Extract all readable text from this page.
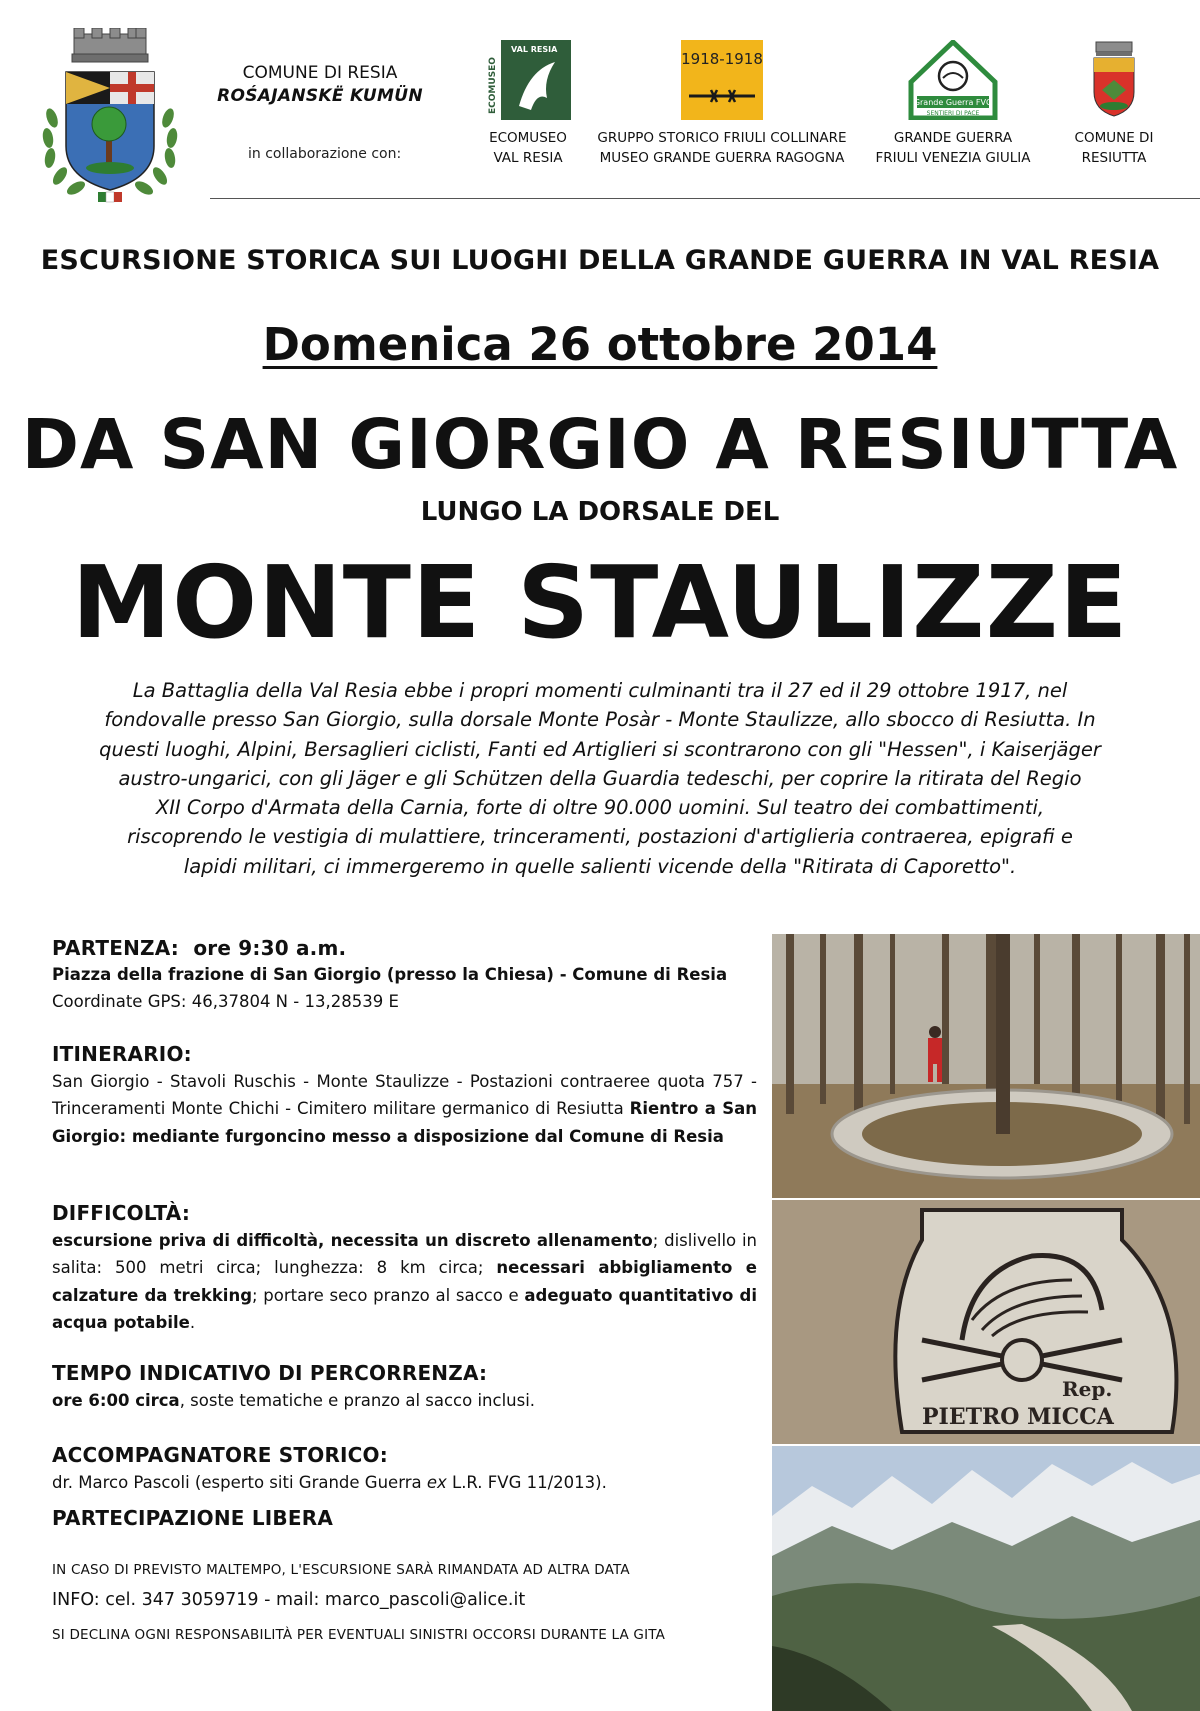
COMUNE DI RESIA
ROŚAJANSKË KUMÜN
in collaborazione con:
ECOMUSEO
VAL RESIA
ECOMUSEO
VAL RESIA
1918-1918
GRUPPO STORICO FRIULI COLLINARE
MUSEO GRANDE GUERRA RAGOGNA
Grande Guerra FVG
SENTIERI DI PACE
GRANDE GUERRA
FRIULI VENEZIA GIULIA
COMUNE DI
RESIUTTA
ESCURSIONE STORICA SUI LUOGHI DELLA GRANDE GUERRA IN VAL RESIA
Domenica 26 ottobre 2014
DA SAN GIORGIO A RESIUTTA
LUNGO LA DORSALE DEL
MONTE STAULIZZE
La Battaglia della Val Resia ebbe i propri momenti culminanti tra il 27 ed il 29 ottobre 1917, nel
fondovalle presso San Giorgio, sulla dorsale Monte Posàr - Monte Staulizze, allo sbocco di Resiutta. In
questi luoghi, Alpini, Bersaglieri ciclisti, Fanti ed Artiglieri si scontrarono con gli "Hessen", i Kaiserjäger
austro-ungarici, con gli Jäger e gli Schützen della Guardia tedeschi, per coprire la ritirata del Regio
XII Corpo d'Armata della Carnia, forte di oltre 90.000 uomini. Sul teatro dei combattimenti,
riscoprendo le vestigia di mulattiere, trinceramenti, postazioni d'artiglieria contraerea, epigrafi e
lapidi militari, ci immergeremo in quelle salienti vicende della "Ritirata di Caporetto".
PARTENZA: ore 9:30 a.m.
Piazza della frazione di San Giorgio (presso la Chiesa) - Comune di Resia
Coordinate GPS: 46,37804 N - 13,28539 E
ITINERARIO:
San Giorgio - Stavoli Ruschis - Monte Staulizze - Postazioni contraeree quota 757 - Trinceramenti Monte Chichi - Cimitero militare germanico di Resiutta Rientro a San Giorgio: mediante furgoncino messo a disposizione dal Comune di Resia
DIFFICOLTÀ:
escursione priva di difficoltà, necessita un discreto allenamento; dislivello in salita: 500 metri circa; lunghezza: 8 km circa; necessari abbigliamento e calzature da trekking; portare seco pranzo al sacco e adeguato quantitativo di acqua potabile.
TEMPO INDICATIVO DI PERCORRENZA:
ore 6:00 circa, soste tematiche e pranzo al sacco inclusi.
ACCOMPAGNATORE STORICO:
dr. Marco Pascoli (esperto siti Grande Guerra ex L.R. FVG 11/2013).
PARTECIPAZIONE LIBERA
IN CASO DI PREVISTO MALTEMPO, L'ESCURSIONE SARÀ RIMANDATA AD ALTRA DATA
INFO: cel. 347 3059719 - mail: marco_pascoli@alice.it
SI DECLINA OGNI RESPONSABILITÀ PER EVENTUALI SINISTRI OCCORSI DURANTE LA GITA
Rep.
PIETRO MICCA
